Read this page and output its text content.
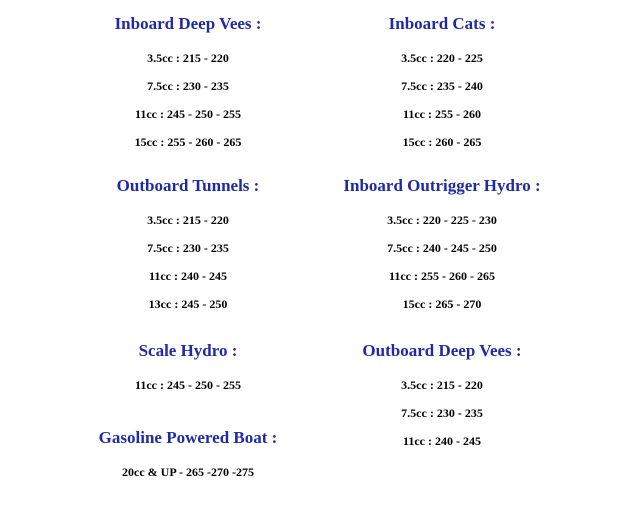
Inboard Deep Vees :
3.5cc : 215 - 220
7.5cc : 230 - 235
11cc : 245 - 250 - 255
15cc : 255 - 260 - 265
Inboard Cats :
3.5cc : 220 - 225
7.5cc : 235 - 240
11cc : 255 - 260
15cc : 260 - 265
Outboard Tunnels :
3.5cc : 215 - 220
7.5cc : 230 - 235
11cc : 240 - 245
13cc : 245 - 250
Inboard Outrigger Hydro :
3.5cc : 220 - 225 - 230
7.5cc : 240 - 245 - 250
11cc : 255 - 260 - 265
15cc : 265 - 270
Scale Hydro :
11cc : 245 - 250 - 255
Outboard Deep Vees :
3.5cc : 215 - 220
7.5cc : 230 - 235
11cc : 240 - 245
Gasoline Powered Boat :
20cc & UP - 265 -270 -275
